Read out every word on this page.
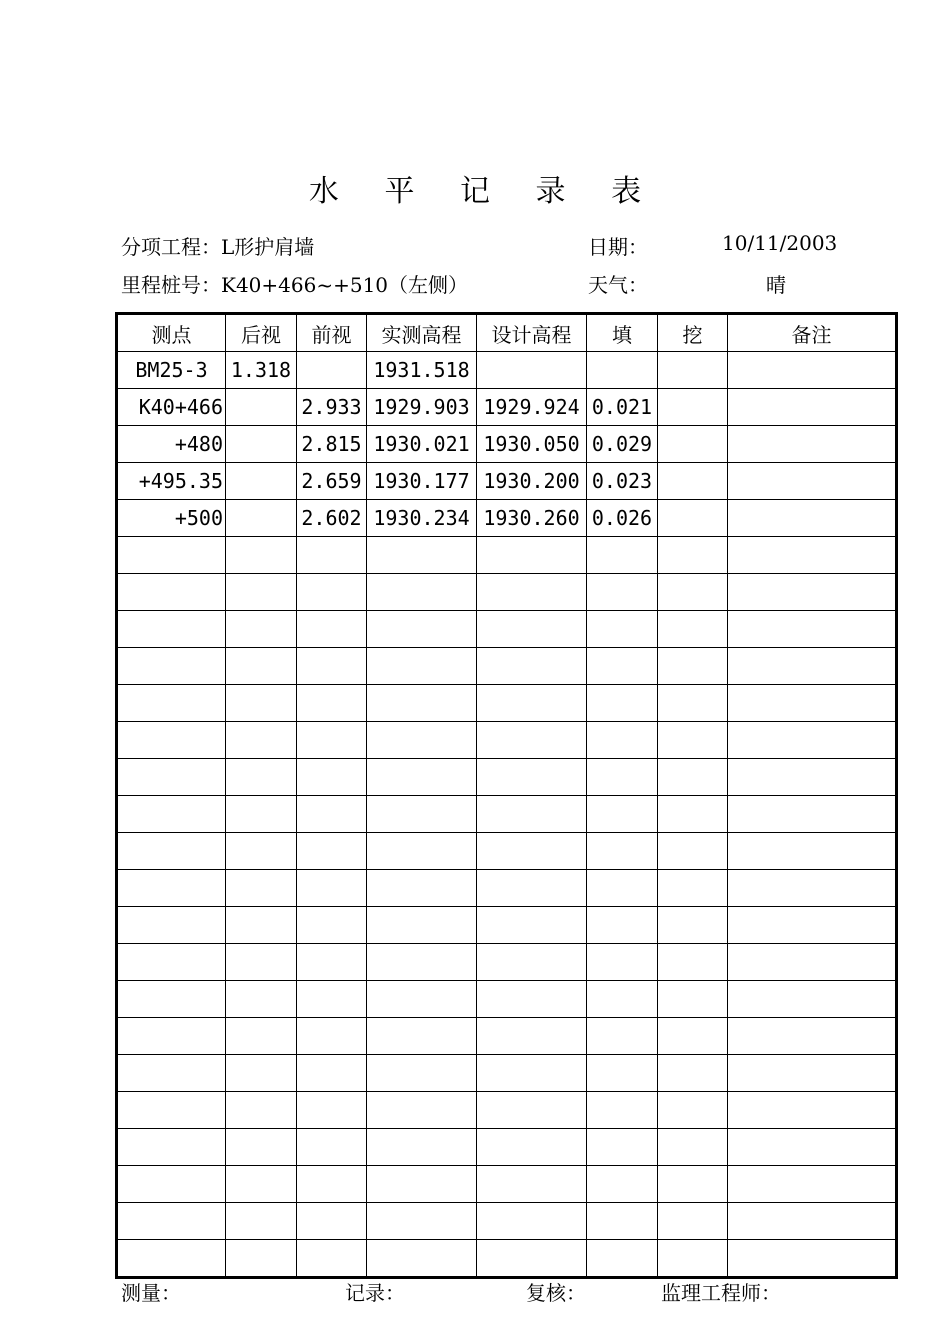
水 平 记 录 表
分项工程：L形护肩墙	日期：	10/11/2003
里程桩号：K40+466~+510（左侧）	天气：	晴
测点	后视	前视	实测高程	设计高程	填	挖	备注
BM25-3	1.318		1931.518				
K40+466		2.933	1929.903	1929.924	0.021		
+480		2.815	1930.021	1930.050	0.029		
+495.35		2.659	1930.177	1930.200	0.023		
+500		2.602	1930.234	1930.260	0.026		

测量：	记录：	复核：	监理工程师：
